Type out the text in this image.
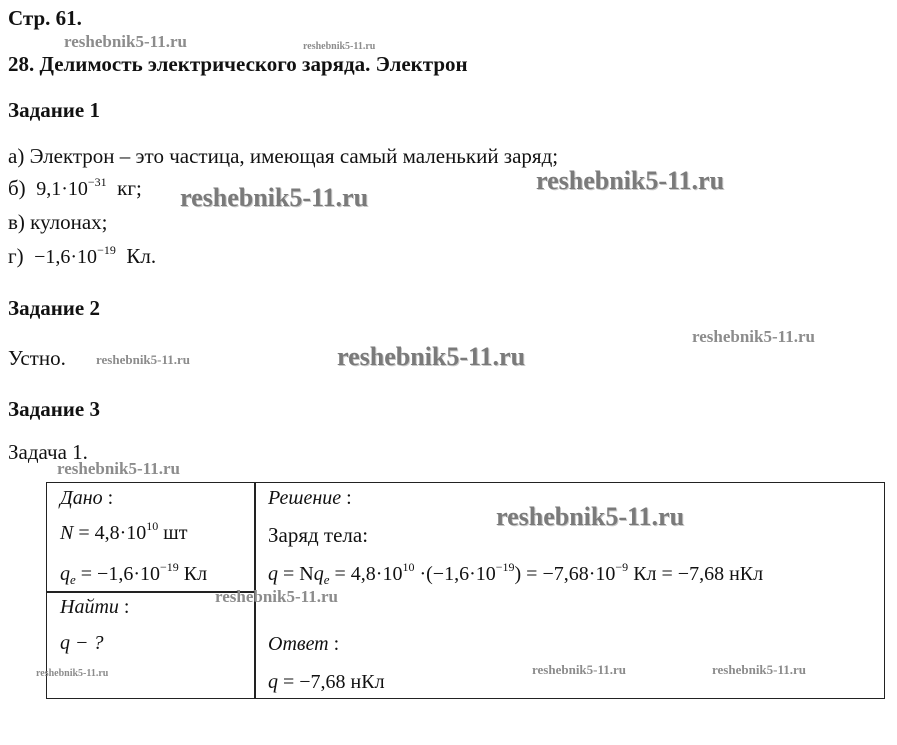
Стр. 61.
28. Делимость электрического заряда. Электрон
Задание 1
а) Электрон – это частица, имеющая самый маленький заряд;
б) $9,1\cdot 10^{-31}$ кг;
в) кулонах;
$г) -1,6\cdot 10^{-19}$ Кл.
Задание 2
Устно.
Задание 3
Задача 1.
Дано :
$N = 4,8\cdot 10^{10}$ шт
$q_e = -1,6\cdot 10^{-19}$ Кл
Найти :
q − ?
Решение :
Заряд тела:
$q = Nq_e = 4,8\cdot 10^{10} \cdot(-1,6\cdot 10^{-19}) = -7,68\cdot 10^{-9}$ Кл = −7,68 нКл
Ответ :
q = −7,68 нКл
reshebnik5-11.ru	reshebnik5-11.ru
reshebnik5-11.ru
reshebnik5-11.ru
reshebnik5-11.ru
reshebnik5-11.ru	reshebnik5-11.ru
reshebnik5-11.ru
reshebnik5-11.ru
reshebnik5-11.ru
reshebnik5-11.ru	reshebnik5-11.ru	reshebnik5-11.ru
